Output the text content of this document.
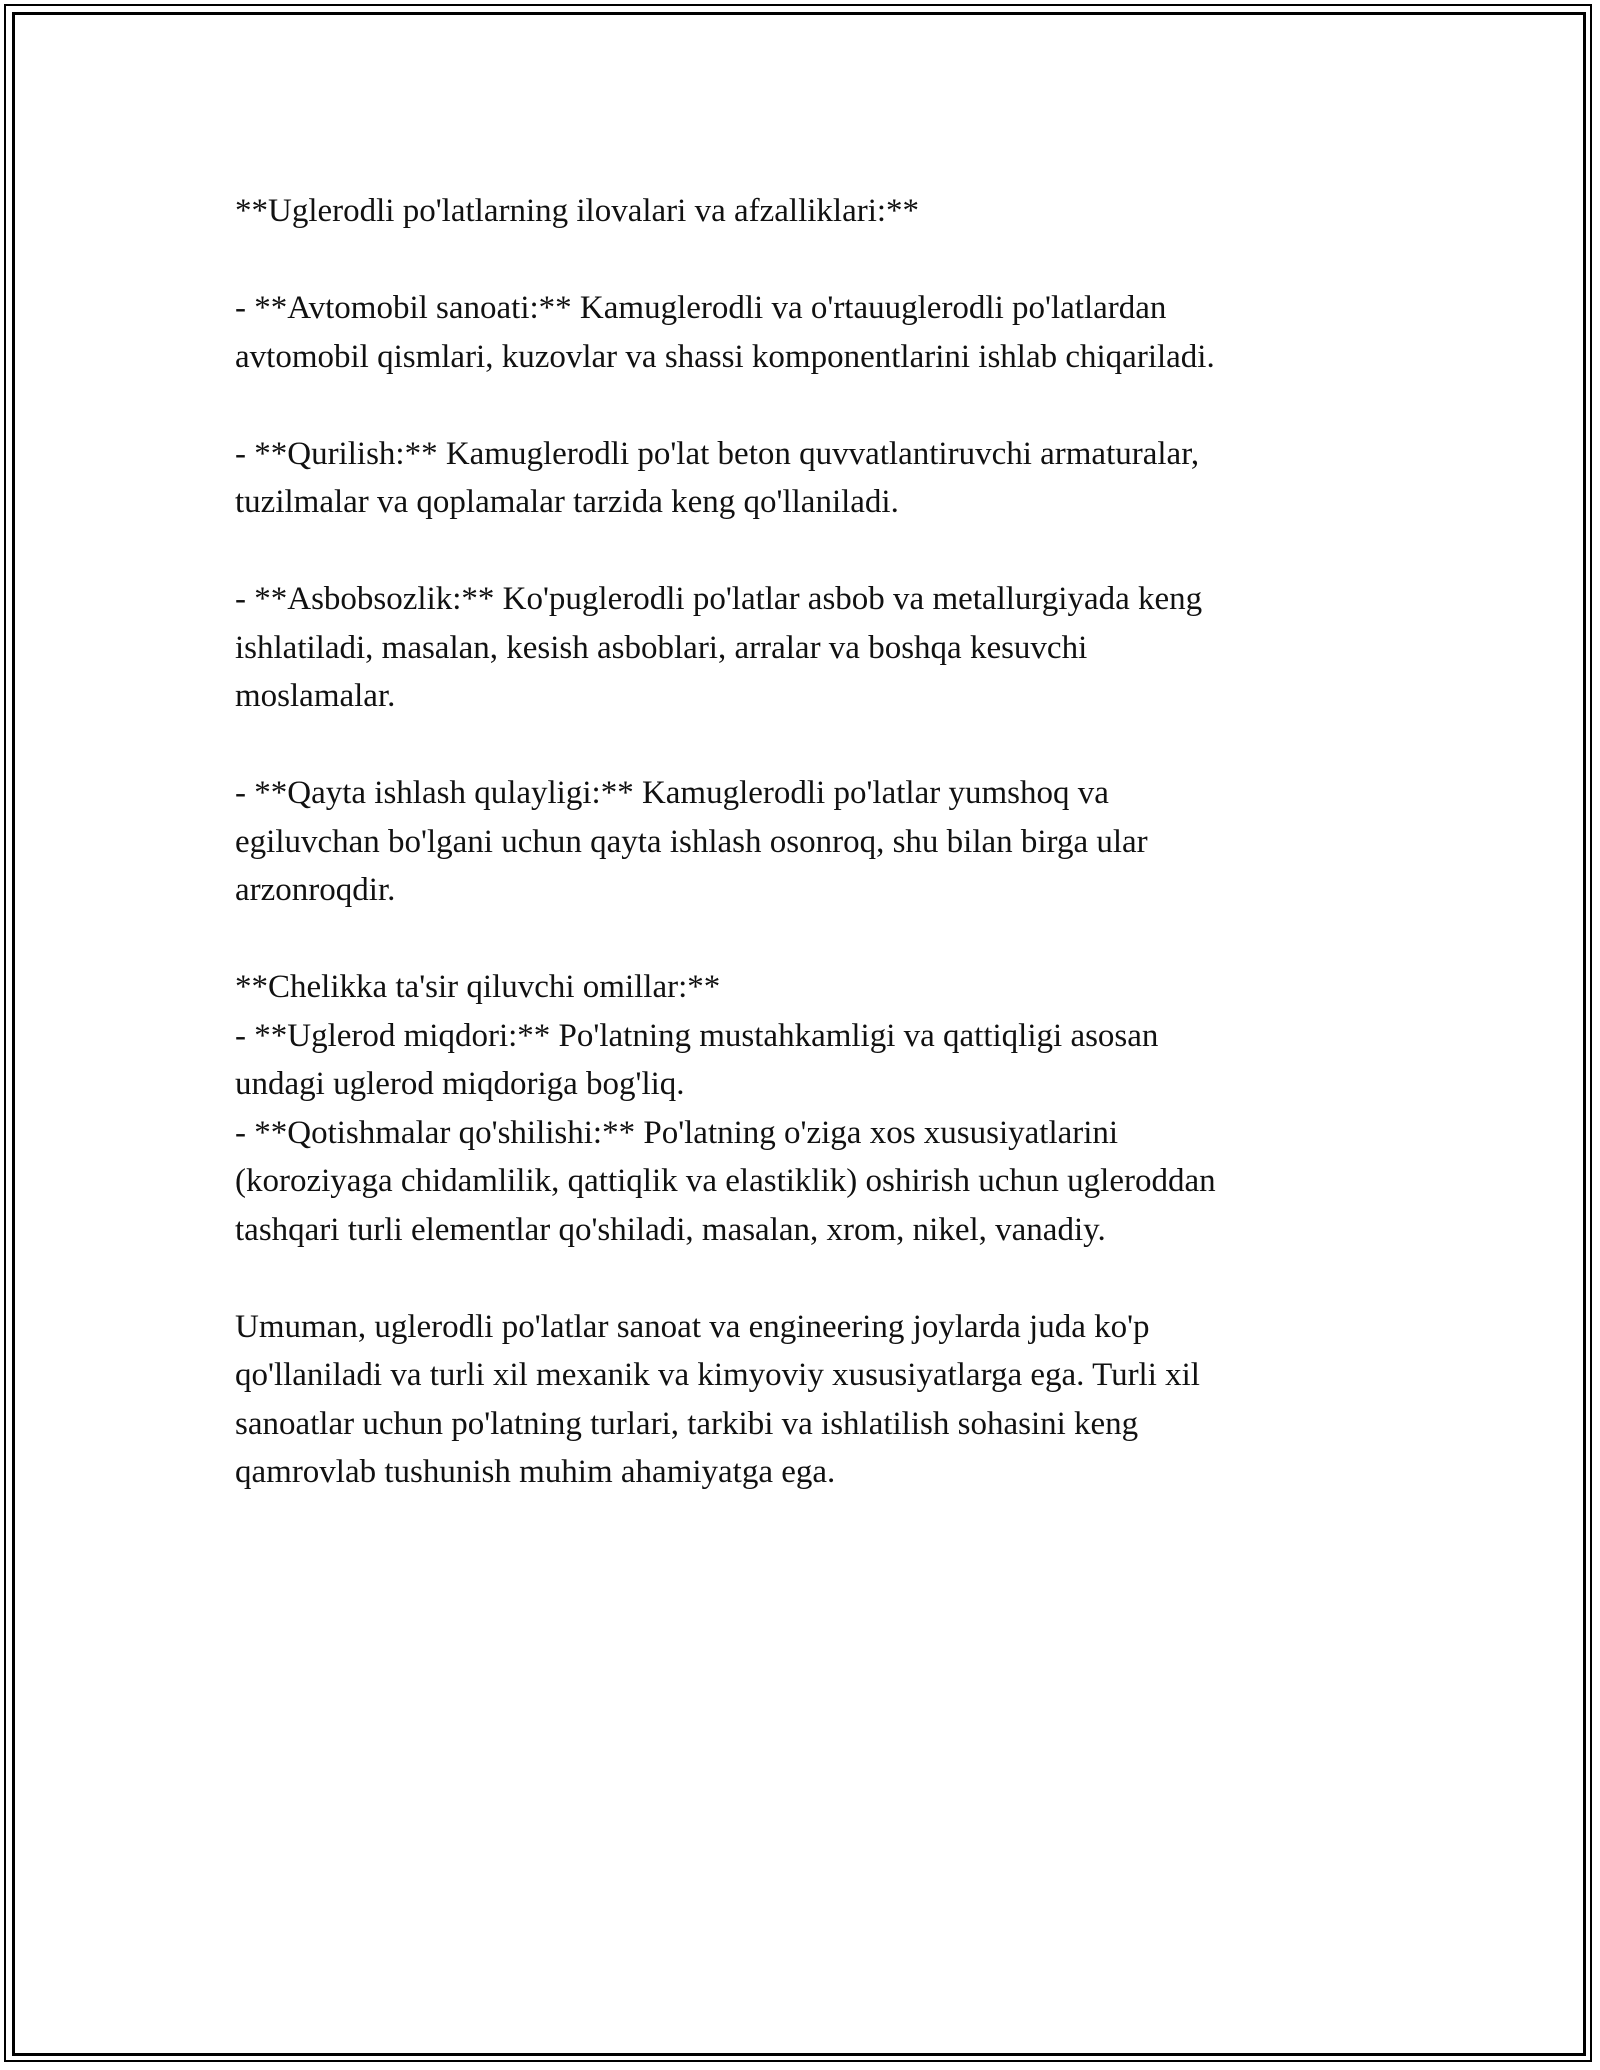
**Uglerodli po'latlarning ilovalari va afzalliklari:**

- **Avtomobil sanoati:** Kamuglerodli va o'rtauuglerodli po'latlardan
avtomobil qismlari, kuzovlar va shassi komponentlarini ishlab chiqariladi.

- **Qurilish:** Kamuglerodli po'lat beton quvvatlantiruvchi armaturalar,
tuzilmalar va qoplamalar tarzida keng qo'llaniladi.

- **Asbobsozlik:** Ko'puglerodli po'latlar asbob va metallurgiyada keng
ishlatiladi, masalan, kesish asboblari, arralar va boshqa kesuvchi
moslamalar.

- **Qayta ishlash qulayligi:** Kamuglerodli po'latlar yumshoq va
egiluvchan bo'lgani uchun qayta ishlash osonroq, shu bilan birga ular
arzonroqdir.

**Chelikka ta'sir qiluvchi omillar:**

- **Uglerod miqdori:** Po'latning mustahkamligi va qattiqligi asosan
undagi uglerod miqdoriga bog'liq.

- **Qotishmalar qo'shilishi:** Po'latning o'ziga xos xususiyatlarini
(koroziyaga chidamlilik, qattiqlik va elastiklik) oshirish uchun ugleroddan
tashqari turli elementlar qo'shiladi, masalan, xrom, nikel, vanadiy.

Umuman, uglerodli po'latlar sanoat va engineering joylarda juda ko'p
qo'llaniladi va turli xil mexanik va kimyoviy xususiyatlarga ega. Turli xil
sanoatlar uchun po'latning turlari, tarkibi va ishlatilish sohasini keng
qamrovlab tushunish muhim ahamiyatga ega.
